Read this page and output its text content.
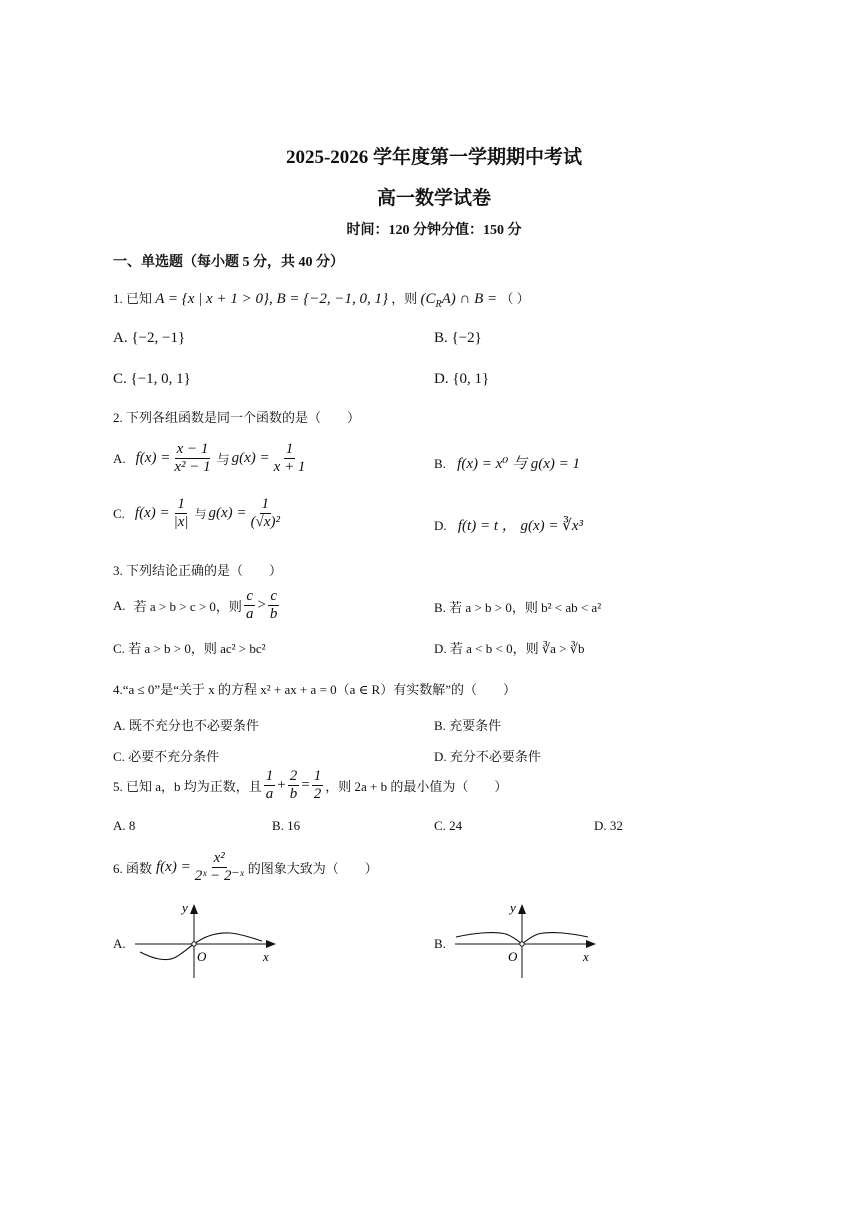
2025-2026 学年度第一学期期中考试
高一数学试卷
时间：120 分钟分值：150 分
一、单选题（每小题 5 分，共 40 分）
1. 已知 A = {x | x + 1 > 0}, B = {−2, −1, 0, 1} ，则 $(C_RA)$ ∩ B = （ ）
A. {−2, −1}	B. {−2}
C. {−1, 0, 1}	D. {0, 1}
2. 下列各组函数是同一个函数的是（　　）
A. $f(x) = \frac{x - 1}{\text{x² − 1}}$ 与 $g(x) = \frac{1}{x + 1}$	B. f(x) = x⁰ 与 g(x) = 1
C. $f(x) = \frac{1}{|x|}$ 与 $g(x) = \frac{1}{\text{(√x)²}}$	D. f(t) = t ， g(x) = ∛x³
3. 下列结论正确的是（　　）
A. 若 a > b > c > 0，则 $\frac{c}{a} > \frac{c}{b}$	B. 若 a > b > 0，则 b² < ab < a²
C. 若 a > b > 0，则 ac² > bc²	D. 若 a < b < 0，则 ∛a > ∛b
4.“a ≤ 0”是“关于 x 的方程 x² + ax + a = 0（a ∈ R）有实数解”的（　　）
A. 既不充分也不必要条件	B. 充要条件
C. 必要不充分条件	D. 充分不必要条件
5. 已知 a，b 均为正数，且 $\frac{1}{a} + \frac{2}{b} = \frac{1}{2}$ ，则 2a + b 的最小值为（　　）
A. 8	B. 16	C. 24	D. 32
6. 函数 $f(x) = \frac{\text{x²}}{\text{2ˣ − 2⁻ˣ}}$ 的图象大致为（　　）
A.
y
x
O
B.
y
x
O
